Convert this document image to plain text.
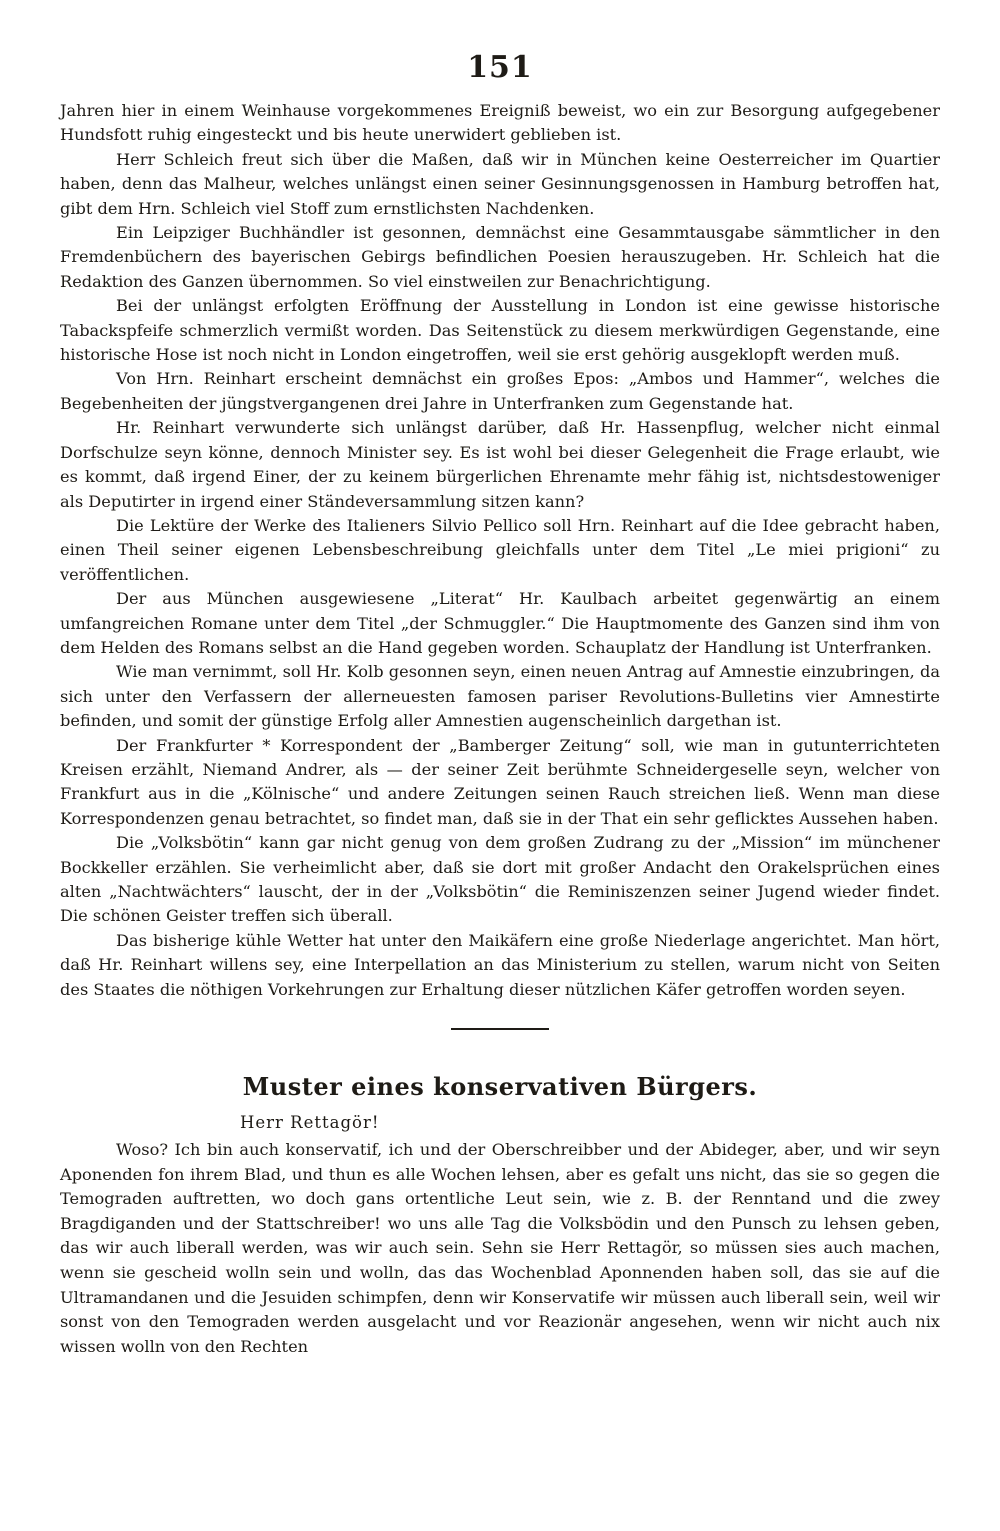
151

Jahren hier in einem Weinhause vorgekommenes Ereigniß beweist, wo ein zur Besorgung aufgegebener Hundsfott ruhig eingesteckt und bis heute unerwidert geblieben ist.

Herr Schleich freut sich über die Maßen, daß wir in München keine Oesterreicher im Quartier haben, denn das Malheur, welches unlängst einen seiner Gesinnungsgenossen in Hamburg betroffen hat, gibt dem Hrn. Schleich viel Stoff zum ernstlichsten Nachdenken.

Ein Leipziger Buchhändler ist gesonnen, demnächst eine Gesammtausgabe sämmtlicher in den Fremdenbüchern des bayerischen Gebirgs befindlichen Poesien herauszugeben. Hr. Schleich hat die Redaktion des Ganzen übernommen. So viel einstweilen zur Benachrichtigung.

Bei der unlängst erfolgten Eröffnung der Ausstellung in London ist eine gewisse historische Tabackspfeife schmerzlich vermißt worden. Das Seitenstück zu diesem merkwürdigen Gegenstande, eine historische Hose ist noch nicht in London eingetroffen, weil sie erst gehörig ausgeklopft werden muß.

Von Hrn. Reinhart erscheint demnächst ein großes Epos: „Ambos und Hammer“, welches die Begebenheiten der jüngstvergangenen drei Jahre in Unterfranken zum Gegenstande hat.

Hr. Reinhart verwunderte sich unlängst darüber, daß Hr. Hassenpflug, welcher nicht einmal Dorfschulze seyn könne, dennoch Minister sey. Es ist wohl bei dieser Gelegenheit die Frage erlaubt, wie es kommt, daß irgend Einer, der zu keinem bürgerlichen Ehrenamte mehr fähig ist, nichtsdestoweniger als Deputirter in irgend einer Ständeversammlung sitzen kann?

Die Lektüre der Werke des Italieners Silvio Pellico soll Hrn. Reinhart auf die Idee gebracht haben, einen Theil seiner eigenen Lebensbeschreibung gleichfalls unter dem Titel „Le miei prigioni“ zu veröffentlichen.

Der aus München ausgewiesene „Literat“ Hr. Kaulbach arbeitet gegenwärtig an einem umfangreichen Romane unter dem Titel „der Schmuggler.“ Die Hauptmomente des Ganzen sind ihm von dem Helden des Romans selbst an die Hand gegeben worden. Schauplatz der Handlung ist Unterfranken.

Wie man vernimmt, soll Hr. Kolb gesonnen seyn, einen neuen Antrag auf Amnestie einzubringen, da sich unter den Verfassern der allerneuesten famosen pariser Revolutions-Bulletins vier Amnestirte befinden, und somit der günstige Erfolg aller Amnestien augenscheinlich dargethan ist.

Der Frankfurter * Korrespondent der „Bamberger Zeitung“ soll, wie man in gutunterrichteten Kreisen erzählt, Niemand Andrer, als — der seiner Zeit berühmte Schneidergeselle seyn, welcher von Frankfurt aus in die „Kölnische“ und andere Zeitungen seinen Rauch streichen ließ. Wenn man diese Korrespondenzen genau betrachtet, so findet man, daß sie in der That ein sehr geflicktes Aussehen haben.

Die „Volksbötin“ kann gar nicht genug von dem großen Zudrang zu der „Mission“ im münchener Bockkeller erzählen. Sie verheimlicht aber, daß sie dort mit großer Andacht den Orakelsprüchen eines alten „Nachtwächters“ lauscht, der in der „Volksbötin“ die Reminiszenzen seiner Jugend wieder findet. Die schönen Geister treffen sich überall.

Das bisherige kühle Wetter hat unter den Maikäfern eine große Niederlage angerichtet. Man hört, daß Hr. Reinhart willens sey, eine Interpellation an das Ministerium zu stellen, warum nicht von Seiten des Staates die nöthigen Vorkehrungen zur Erhaltung dieser nützlichen Käfer getroffen worden seyen.

Muster eines konservativen Bürgers.
Herr Rettagör!

Woso? Ich bin auch konservatif, ich und der Oberschreibber und der Abideger, aber, und wir seyn Aponenden fon ihrem Blad, und thun es alle Wochen lehsen, aber es gefalt uns nicht, das sie so gegen die Temograden auftretten, wo doch gans ortentliche Leut sein, wie z. B. der Renntand und die zwey Bragdiganden und der Stattschreiber! wo uns alle Tag die Volksbödin und den Punsch zu lehsen geben, das wir auch liberall werden, was wir auch sein. Sehn sie Herr Rettagör, so müssen sies auch machen, wenn sie gescheid wolln sein und wolln, das das Wochenblad Aponnenden haben soll, das sie auf die Ultramandanen und die Jesuiden schimpfen, denn wir Konservatife wir müssen auch liberall sein, weil wir sonst von den Temograden werden ausgelacht und vor Reazionär angesehen, wenn wir nicht auch nix wissen wolln von den Rechten
